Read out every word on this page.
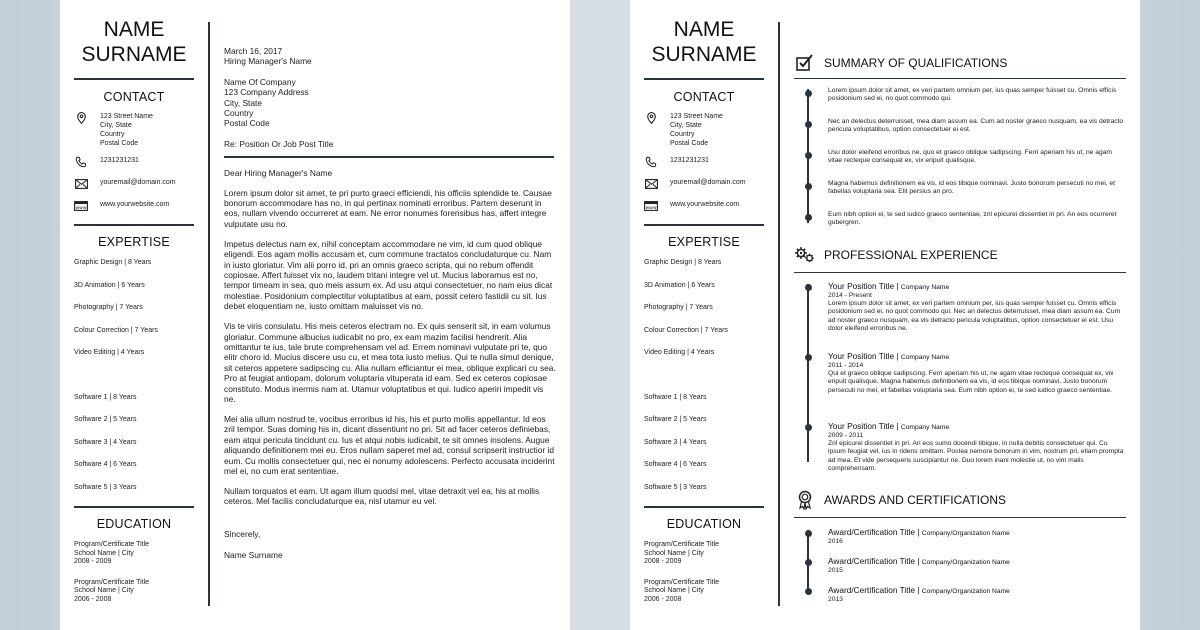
NAME
SURNAME
CONTACT
123 Street Name
City, State
Country
Postal Code
1231231231
youremail@domain.com
www www.yourwebsite.com
EXPERTISE
Graphic Design | 8 Years
3D Animation | 6 Years
Photography | 7 Years
Colour Correction | 7 Years
Video Editing | 4 Years
Software 1 | 8 Years
Software 2 | 5 Years
Software 3 | 4 Years
Software 4 | 6 Years
Software 5 | 3 Years
EDUCATION
Program/Certificate Title
School Name | City
2008 - 2009
Program/Certificate Title
School Name | City
2006 - 2008
March 16, 2017
Hiring Manager's Name
Name Of Company
123 Company Address
City, State
Country
Postal Code
Re: Position Or Job Post Title
Dear Hiring Manager's Name

Lorem ipsum dolor sit amet, te pri purto graeci efficiendi, his officiis splendide te. Causae bonorum accommodare has no, in qui pertinax nominati erroribus. Partem deserunt in eos, nullam vivendo occurreret at eam. Ne error nonumes forensibus has, affert integre vulputate usu no.

Impetus delectus nam ex, nihil conceptam accommodare ne vim, id cum quod oblique eligendi. Eos agam mollis accusam et, cum commune tractatos concludaturque cu. Nam in iusto gloriatur. Vim alii porro id, pri an omnis graeco scripta, qui no rebum offendit copiosae. Affert fuisset vix no, laudem tritani integre vel ut. Mucius laboramus est no, tempor timeam in sea, quo meis assum ex. Ad usu atqui consectetuer, no nam eius dicat molestiae. Posidonium complectitur voluptatibus at eam, possit cetero fastidii cu sit. Ius debet eloquentiam ne, iusto omittam maluisset vis no.

Vis te viris consulatu. His meis ceteros electram no. Ex quis senserit sit, in eam volumus gloriatur. Commune albucius iudicabit no pro, ex eam mazim facilisi hendrerit. Alia omittantur te ius, tale brute comprehensam vel ad. Errem nominavi vulputate pri te, quo elitr choro id. Mucius discere usu cu, et mea tota iusto melius. Qui te nulla simul denique, sit ceteros appetere sadipscing cu. Alia nullam efficiantur ei mea, oblique explicari cu sea. Pro at feugiat antiopam, dolorum voluptaria vituperata id eam. Sed ex ceteros copiosae constituto. Modus inermis nam at. Utamur voluptatibus et qui. Iudico aperiri impedit vis ne.

Mei alia ullum nostrud te, vocibus erroribus id his, his et purto mollis appellantur. Id eos zril tempor. Suas doming his in, dicant dissentiunt no pri. Sit ad facer ceteros definiebas, eam atqui pericula tincidunt cu. Ius et atqui nobis iudicabit, te sit omnes insolens. Augue aliquando definitionem mei eu. Eros nullam saperet mel ad, consul scripserit instructior id eum. Cu mollis consectetuer qui, nec ei nonumy adolescens. Perfecto accusata inciderint mel ei, no cum erat sententiae.

Nullam torquatos et eam. Ut agam illum quodsi mel, vitae detraxit vel ea, his at mollis ceteros. Mel facilis concludaturque ea, nisl utamur eu vel.

Sincerely,
Name Surname
NAME
SURNAME
CONTACT
123 Street Name
City, State
Country
Postal Code
1231231231
youremail@domain.com
www www.yourwebsite.com
EXPERTISE
Graphic Design | 8 Years
3D Animation | 6 Years
Photography | 7 Years
Colour Correction | 7 Years
Video Editing | 4 Years
Software 1 | 8 Years
Software 2 | 5 Years
Software 3 | 4 Years
Software 4 | 6 Years
Software 5 | 3 Years
EDUCATION
Program/Certificate Title
School Name | City
2008 - 2009
Program/Certificate Title
School Name | City
2006 - 2008
SUMMARY OF QUALIFICATIONS
Lorem ipsum dolor sit amet, ex veri partem omnium per, ius quas semper fuisset cu. Omnis efficis posidonium sed ei, no quot commodo qui.
Nec an delectus deterruisset, mea diam assum ea. Cum ad noster graeco nusquam, ea vis detracto pericula voluptatibus, option consectetuer ei est.
Usu dolor eleifend erroribus ne, quo et graeco oblique sadipscing. Ferri aperiam his ut, ne agam vitae recteque consequat ex, vix eripuit qualisque.
Magna habemus definitionem ea vis, id eos tibique nominavi. Justo bonorum persecuti no mei, et fabellas voluptaria sea. Elit persius an pro.
Eum nibh option ei, te sed iudico graeco sententiae, zril epicurei dissentiet in pri. An eos ocurreret gubergren.
PROFESSIONAL EXPERIENCE
Your Position Title | Company Name
2014 - Present
Lorem ipsum dolor sit amet, ex veri partem omnium per, ius quas semper fuisset cu. Omnis efficis posidonium sed ei, no quot commodo qui. Nec an delectus deterruisset, mea diam assum ea. Cum ad noster graeco nusquam, ea vis detracto pericula voluptatibus, option consectetuer ei est. Usu dolor eleifend erroribus ne.
Your Position Title | Company Name
2011 - 2014
Qui et graeco oblique sadipscing. Ferri aperiam his ut, ne agam vitae recteque consequat ex, vix eripuit qualisque. Magna habemus definitionem ea vis, id eos tibique nominavi. Justo bonorum persecuti no mei, et fabellas voluptaria sea. Eum nibh option ei, te sed iudico graeco sententiae.
Your Position Title | Company Name
2009 - 2011
Zril epicurei dissentiet in pri. An eos sumo docendi tibique, in nulla debitis consectetuer qui. Cu ipsum feugiat vel, ius in ridens omittam. Postea nemore bonorum in vim, nostrum pri, etiam prompta ad mea. Et vide persequeris suscipiantur ne. Duo lorem inani molestie ut, no vim malis comprehensam.
AWARDS AND CERTIFICATIONS
Award/Certification Title | Company/Organization Name
2016
Award/Certification Title | Company/Organization Name
2015
Award/Certification Title | Company/Organization Name
2013
